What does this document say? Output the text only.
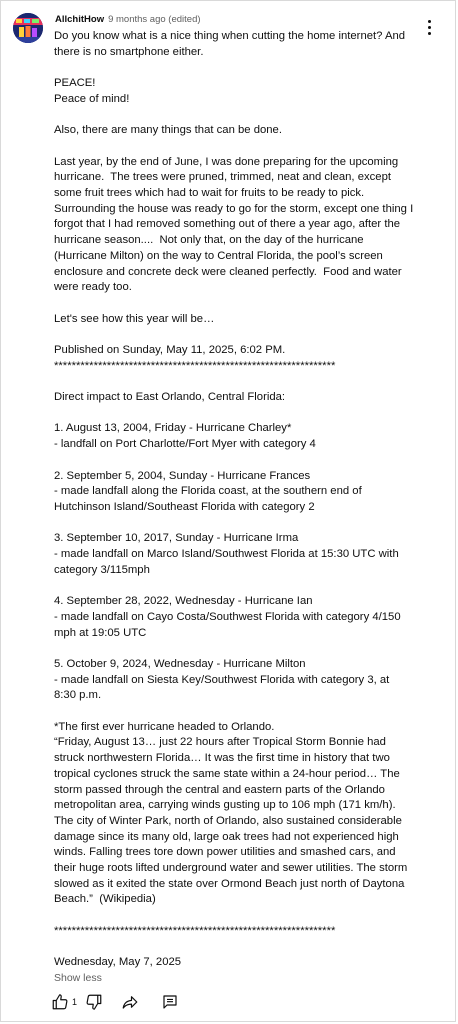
AllchitHow 9 months ago (edited)
Do you know what is a nice thing when cutting the home internet? And
there is no smartphone either.
PEACE!
Peace of mind!
Also, there are many things that can be done.
Last year, by the end of June, I was done preparing for the upcoming
hurricane.  The trees were pruned, trimmed, neat and clean, except
some fruit trees which had to wait for fruits to be ready to pick.
Surrounding the house was ready to go for the storm, except one thing I
forgot that I had removed something out of there a year ago, after the
hurricane season....  Not only that, on the day of the hurricane
(Hurricane Milton) on the way to Central Florida, the pool’s screen
enclosure and concrete deck were cleaned perfectly.  Food and water
were ready too.
Let's see how this year will be…
Published on Sunday, May 11, 2025, 6:02 PM.
****************************************************************
Direct impact to East Orlando, Central Florida:
1. August 13, 2004, Friday - Hurricane Charley*
- landfall on Port Charlotte/Fort Myer with category 4
2. September 5, 2004, Sunday - Hurricane Frances
- made landfall along the Florida coast, at the southern end of
Hutchinson Island/Southeast Florida with category 2
3. September 10, 2017, Sunday - Hurricane Irma
- made landfall on Marco Island/Southwest Florida at 15:30 UTC with
category 3/115mph
4. September 28, 2022, Wednesday - Hurricane Ian
- made landfall on Cayo Costa/Southwest Florida with category 4/150
mph at 19:05 UTC
5. October 9, 2024, Wednesday - Hurricane Milton
- made landfall on Siesta Key/Southwest Florida with category 3, at
8:30 p.m.
*The first ever hurricane headed to Orlando.
“Friday, August 13… just 22 hours after Tropical Storm Bonnie had
struck northwestern Florida… It was the first time in history that two
tropical cyclones struck the same state within a 24-hour period… The
storm passed through the central and eastern parts of the Orlando
metropolitan area, carrying winds gusting up to 106 mph (171 km/h).
The city of Winter Park, north of Orlando, also sustained considerable
damage since its many old, large oak trees had not experienced high
winds. Falling trees tore down power utilities and smashed cars, and
their huge roots lifted underground water and sewer utilities. The storm
slowed as it exited the state over Ormond Beach just north of Daytona
Beach.”  (Wikipedia)
****************************************************************
Wednesday, May 7, 2025
Show less
1
